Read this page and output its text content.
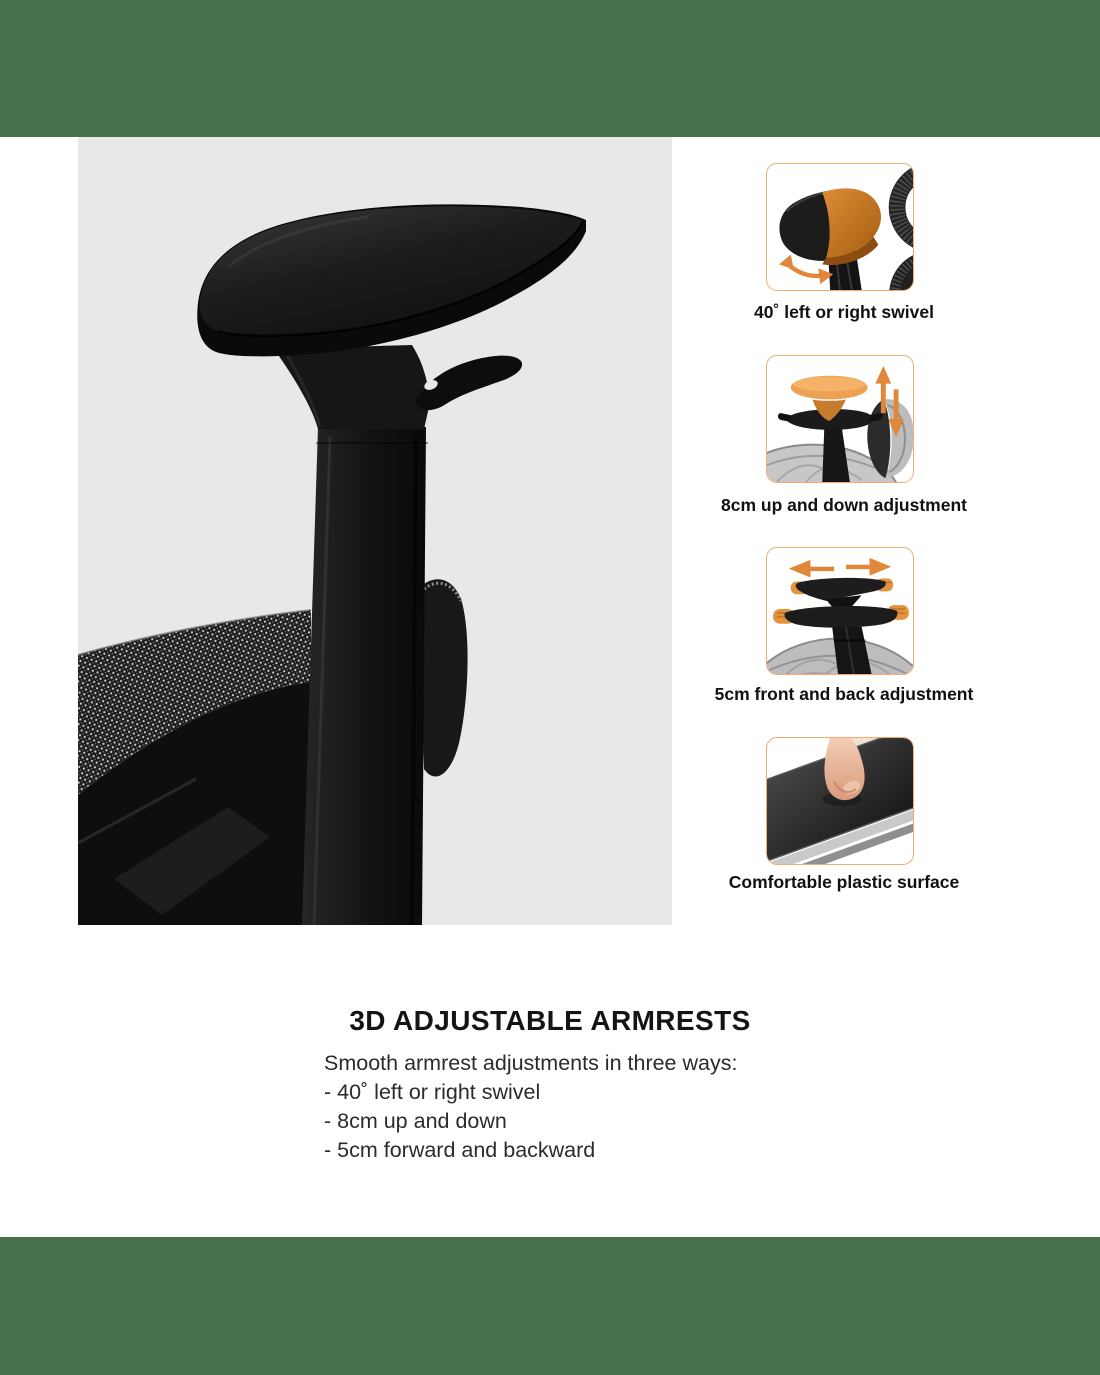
40˚ left or right swivel
8cm up and down adjustment
5cm front and back adjustment
Comfortable plastic surface
3D ADJUSTABLE ARMRESTS

Smooth armrest adjustments in three ways:

- 40˚ left or right swivel

- 8cm up and down

- 5cm forward and backward
